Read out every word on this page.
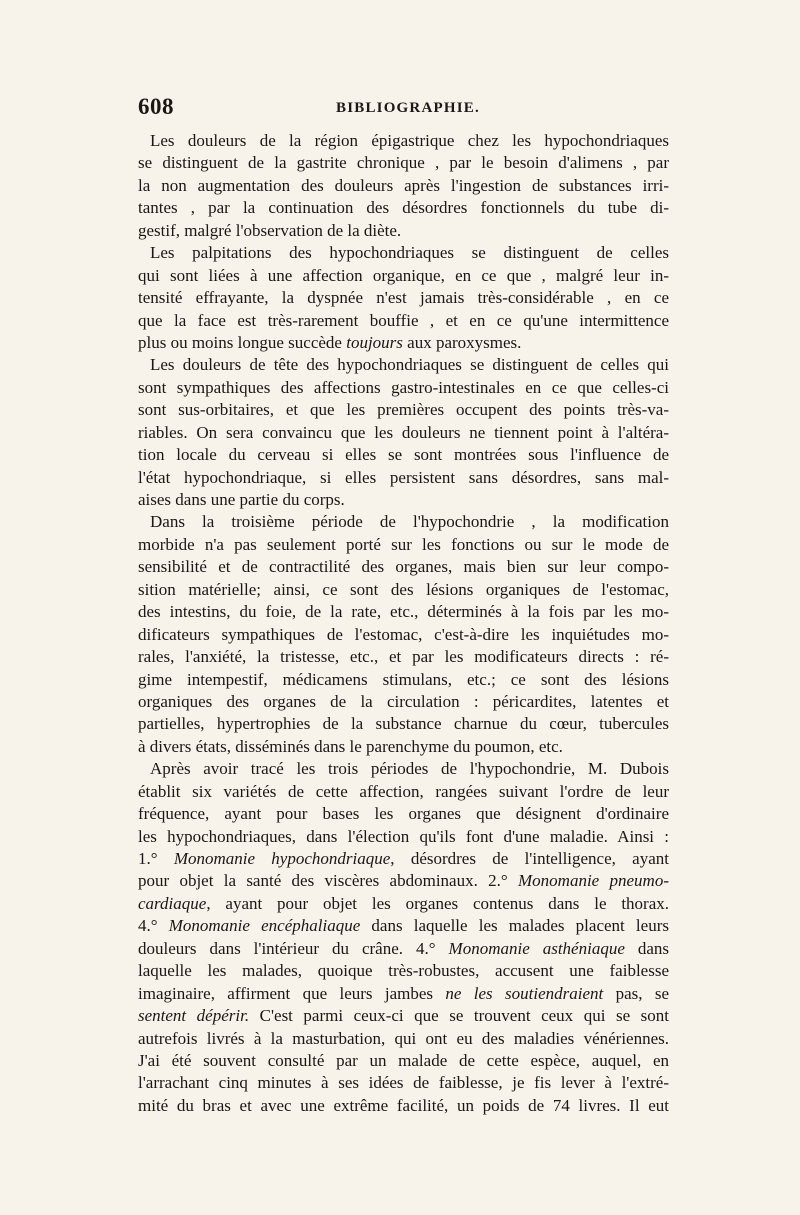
608	BIBLIOGRAPHIE.
Les douleurs de la région épigastrique chez les hypochondriaques
se distinguent de la gastrite chronique , par le besoin d'alimens , par
la non augmentation des douleurs après l'ingestion de substances irri-
tantes , par la continuation des désordres fonctionnels du tube di-
gestif, malgré l'observation de la diète.
Les palpitations des hypochondriaques se distinguent de celles
qui sont liées à une affection organique, en ce que , malgré leur in-
tensité effrayante, la dyspnée n'est jamais très-considérable , en ce
que la face est très-rarement bouffie , et en ce qu'une intermittence
plus ou moins longue succède toujours aux paroxysmes.
Les douleurs de tête des hypochondriaques se distinguent de celles qui
sont sympathiques des affections gastro-intestinales en ce que celles-ci
sont sus-orbitaires, et que les premières occupent des points très-va-
riables. On sera convaincu que les douleurs ne tiennent point à l'altéra-
tion locale du cerveau si elles se sont montrées sous l'influence de
l'état hypochondriaque, si elles persistent sans désordres, sans mal-
aises dans une partie du corps.
Dans la troisième période de l'hypochondrie , la modification
morbide n'a pas seulement porté sur les fonctions ou sur le mode de
sensibilité et de contractilité des organes, mais bien sur leur compo-
sition matérielle; ainsi, ce sont des lésions organiques de l'estomac,
des intestins, du foie, de la rate, etc., déterminés à la fois par les mo-
dificateurs sympathiques de l'estomac, c'est-à-dire les inquiétudes mo-
rales, l'anxiété, la tristesse, etc., et par les modificateurs directs : ré-
gime intempestif, médicamens stimulans, etc.; ce sont des lésions
organiques des organes de la circulation : péricardites, latentes et
partielles, hypertrophies de la substance charnue du cœur, tubercules
à divers états, disséminés dans le parenchyme du poumon, etc.
Après avoir tracé les trois périodes de l'hypochondrie, M. Dubois
établit six variétés de cette affection, rangées suivant l'ordre de leur
fréquence, ayant pour bases les organes que désignent d'ordinaire
les hypochondriaques, dans l'élection qu'ils font d'une maladie. Ainsi :
1.° Monomanie hypochondriaque, désordres de l'intelligence, ayant
pour objet la santé des viscères abdominaux. 2.° Monomanie pneumo-
cardiaque, ayant pour objet les organes contenus dans le thorax.
4.° Monomanie encéphaliaque dans laquelle les malades placent leurs
douleurs dans l'intérieur du crâne. 4.° Monomanie asthéniaque dans
laquelle les malades, quoique très-robustes, accusent une faiblesse
imaginaire, affirment que leurs jambes ne les soutiendraient pas, se
sentent dépérir. C'est parmi ceux-ci que se trouvent ceux qui se sont
autrefois livrés à la masturbation, qui ont eu des maladies vénériennes.
J'ai été souvent consulté par un malade de cette espèce, auquel, en
l'arrachant cinq minutes à ses idées de faiblesse, je fis lever à l'extré-
mité du bras et avec une extrême facilité, un poids de 74 livres. Il eut
